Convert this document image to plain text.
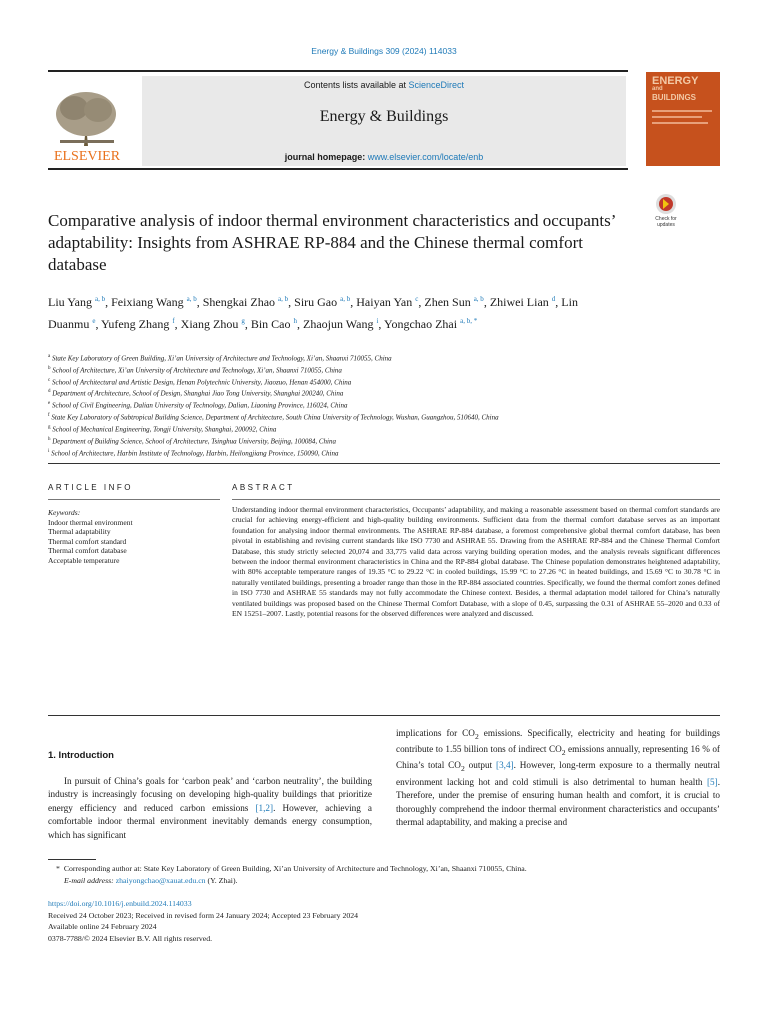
Energy & Buildings 309 (2024) 114033
ELSEVIER
Contents lists available at ScienceDirect
Energy & Buildings
journal homepage: www.elsevier.com/locate/enb
ENERGY
and
BUILDINGS
Check for
updates
Comparative analysis of indoor thermal environment characteristics and occupants’ adaptability: Insights from ASHRAE RP-884 and the Chinese thermal comfort database
Liu Yang $^{a, b}$, Feixiang Wang $^{a, b}$, Shengkai Zhao $^{a, b}$, Siru Gao $^{a, b}$, Haiyan Yan $^c$, Zhen Sun $^{a, b}$, Zhiwei Lian $^d$, Lin Duanmu $^e$, Yufeng Zhang $^f$, Xiang Zhou $^g$, Bin Cao $^h$, Zhaojun Wang $^i$, Yongchao Zhai $^{a, b, *}$
$^a$ State Key Laboratory of Green Building, Xi’an University of Architecture and Technology, Xi’an, Shaanxi 710055, China
$^b$ School of Architecture, Xi’an University of Architecture and Technology, Xi’an, Shaanxi 710055, China
$^c$ School of Architectural and Artistic Design, Henan Polytechnic University, Jiaozuo, Henan 454000, China
$^d$ Department of Architecture, School of Design, Shanghai Jiao Tong University, Shanghai 200240, China
$^e$ School of Civil Engineering, Dalian University of Technology, Dalian, Liaoning Province, 116024, China
$^f$ State Key Laboratory of Subtropical Building Science, Department of Architecture, South China University of Technology, Wushan, Guangzhou, 510640, China
$^g$ School of Mechanical Engineering, Tongji University, Shanghai, 200092, China
$^h$ Department of Building Science, School of Architecture, Tsinghua University, Beijing, 100084, China
$^i$ School of Architecture, Harbin Institute of Technology, Harbin, Heilongjiang Province, 150090, China
ARTICLE INFO	ABSTRACT
Keywords:
Indoor thermal environment
Thermal adaptability
Thermal comfort standard
Thermal comfort database
Acceptable temperature
Understanding indoor thermal environment characteristics, Occupants’ adaptability, and making a reasonable assessment based on thermal comfort standards are crucial for achieving energy-efficient and high-quality building environments. Sufficient data from the thermal comfort database serves as an important foundation for analysing indoor thermal environments. The ASHRAE RP-884 database, a foremost comprehensive global thermal comfort database, has been pivotal in establishing and revising current standards like ISO 7730 and ASHRAE 55. Drawing from the ASHRAE RP-884 and the Chinese Thermal Comfort Database, this study strictly selected 20,074 and 33,775 valid data across varying building operation modes, and the analysis reveals significant differences between the indoor thermal environment characteristics in China and the RP-884 global database. The Chinese population demonstrates heightened adaptability, with 80% acceptable temperature ranges of 19.35 °C to 29.22 °C in cooled buildings, 15.99 °C to 27.26 °C in heated buildings, and 15.69 °C to 30.78 °C in naturally ventilated buildings, presenting a broader range than those in the RP-884 associated countries. Specifically, we found the thermal comfort zones defined in ISO 7730 and ASHRAE 55 standards may not fully accommodate the Chinese context. Besides, a thermal adaptation model tailored for China’s naturally ventilated buildings was proposed based on the Chinese Thermal Comfort Database, with a slope of 0.45, surpassing the 0.31 of ASHRAE 55–2020 and 0.33 of EN 15251–2007. Lastly, potential reasons for the observed differences were analyzed and discussed.
1. Introduction
In pursuit of China’s goals for ‘carbon peak’ and ‘carbon neutrality’, the building industry is increasingly focusing on developing high-quality buildings that prioritize energy efficiency and reduced carbon emissions [1,2]. However, achieving a comfortable indoor thermal environment inevitably demands energy consumption, which has significant
implications for $CO_2$ emissions. Specifically, electricity and heating for buildings contribute to 1.55 billion tons of indirect $CO_2$ emissions annually, representing 16 % of China’s total $CO_2$ output [3,4]. However, long-term exposure to a thermally neutral environment lacking hot and cold stimuli is also detrimental to human health [5]. Therefore, under the premise of ensuring human health and comfort, it is crucial to thoroughly comprehend the indoor thermal environment characteristics and occupants’ thermal adaptability, and making a precise and
* Corresponding author at: State Key Laboratory of Green Building, Xi’an University of Architecture and Technology, Xi’an, Shaanxi 710055, China.
E-mail address: zhaiyongchao@xauat.edu.cn (Y. Zhai).
https://doi.org/10.1016/j.enbuild.2024.114033
Received 24 October 2023; Received in revised form 24 January 2024; Accepted 23 February 2024
Available online 24 February 2024
0378-7788/© 2024 Elsevier B.V. All rights reserved.
